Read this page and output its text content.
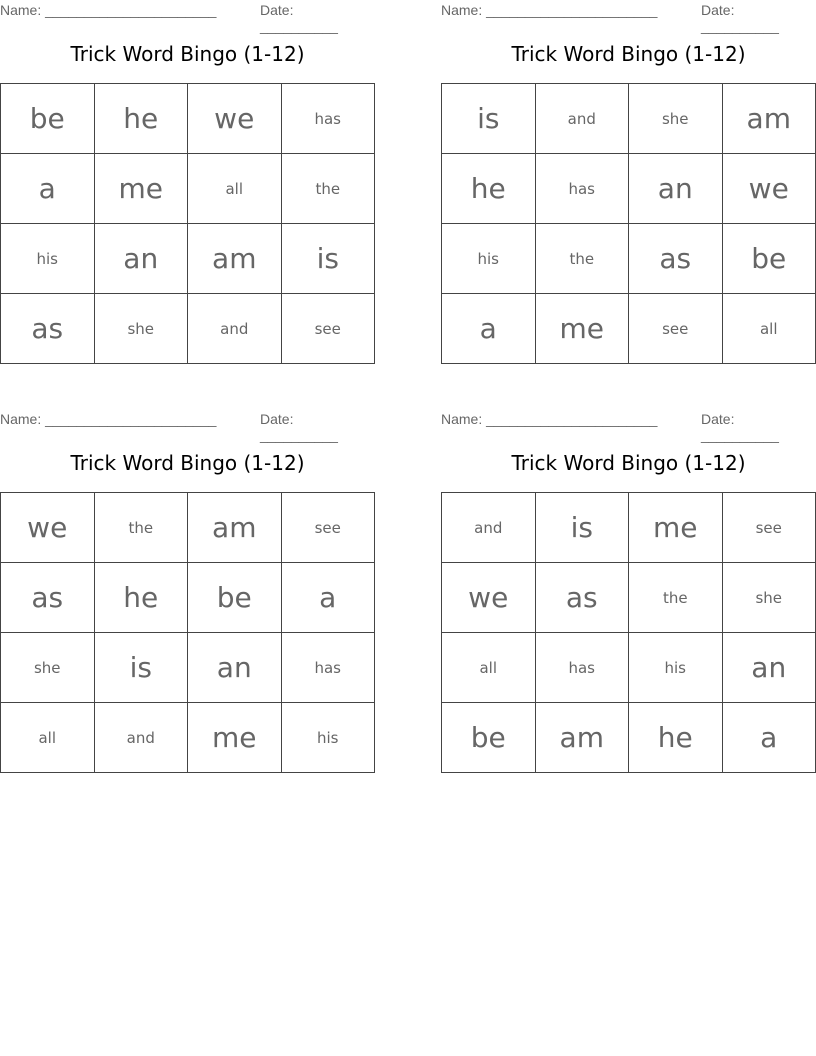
Name: ______________________	Date: __________
Trick Word Bingo (1-12)
be	he	we	has
a	me	all	the
his	an	am	is
as	she	and	see
Name: ______________________	Date: __________
Trick Word Bingo (1-12)
is	and	she	am
he	has	an	we
his	the	as	be
a	me	see	all
Name: ______________________	Date: __________
Trick Word Bingo (1-12)
we	the	am	see
as	he	be	a
she	is	an	has
all	and	me	his
Name: ______________________	Date: __________
Trick Word Bingo (1-12)
and	is	me	see
we	as	the	she
all	has	his	an
be	am	he	a
